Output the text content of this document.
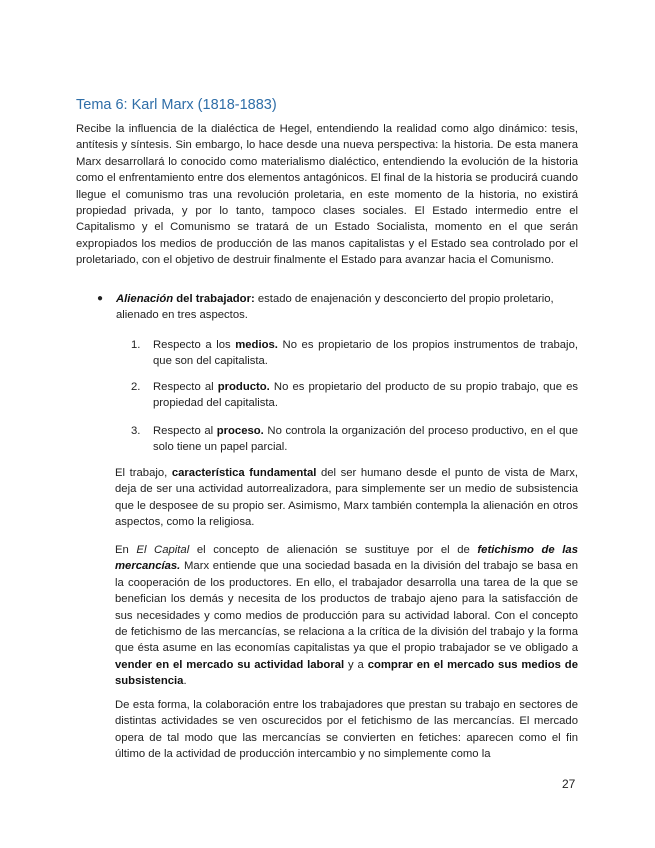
Tema 6: Karl Marx (1818-1883)

Recibe la influencia de la dialéctica de Hegel, entendiendo la realidad como algo dinámico: tesis, antítesis y síntesis. Sin embargo, lo hace desde una nueva perspectiva: la historia. De esta manera Marx desarrollará lo conocido como materialismo dialéctico, entendiendo la evolución de la historia como el enfrentamiento entre dos elementos antagónicos. El final de la historia se producirá cuando llegue el comunismo tras una revolución proletaria, en este momento de la historia, no existirá propiedad privada, y por lo tanto, tampoco clases sociales. El Estado intermedio entre el Capitalismo y el Comunismo se tratará de un Estado Socialista, momento en el que serán expropiados los medios de producción de las manos capitalistas y el Estado sea controlado por el proletariado, con el objetivo de destruir finalmente el Estado para avanzar hacia el Comunismo.

● Alienación del trabajador: estado de enajenación y desconcierto del propio proletario, alienado en tres aspectos.

1. Respecto a los medios. No es propietario de los propios instrumentos de trabajo, que son del capitalista.

2. Respecto al producto. No es propietario del producto de su propio trabajo, que es propiedad del capitalista.

3. Respecto al proceso. No controla la organización del proceso productivo, en el que solo tiene un papel parcial.

El trabajo, característica fundamental del ser humano desde el punto de vista de Marx, deja de ser una actividad autorrealizadora, para simplemente ser un medio de subsistencia que le desposee de su propio ser. Asimismo, Marx también contempla la alienación en otros aspectos, como la religiosa.

En El Capital el concepto de alienación se sustituye por el de fetichismo de las mercancías. Marx entiende que una sociedad basada en la división del trabajo se basa en la cooperación de los productores. En ello, el trabajador desarrolla una tarea de la que se benefician los demás y necesita de los productos de trabajo ajeno para la satisfacción de sus necesidades y como medios de producción para su actividad laboral. Con el concepto de fetichismo de las mercancías, se relaciona a la crítica de la división del trabajo y la forma que ésta asume en las economías capitalistas ya que el propio trabajador se ve obligado a vender en el mercado su actividad laboral y a comprar en el mercado sus medios de subsistencia.

De esta forma, la colaboración entre los trabajadores que prestan su trabajo en sectores de distintas actividades se ven oscurecidos por el fetichismo de las mercancías. El mercado opera de tal modo que las mercancías se convierten en fetiches: aparecen como el fin último de la actividad de producción intercambio y no simplemente como la

27
